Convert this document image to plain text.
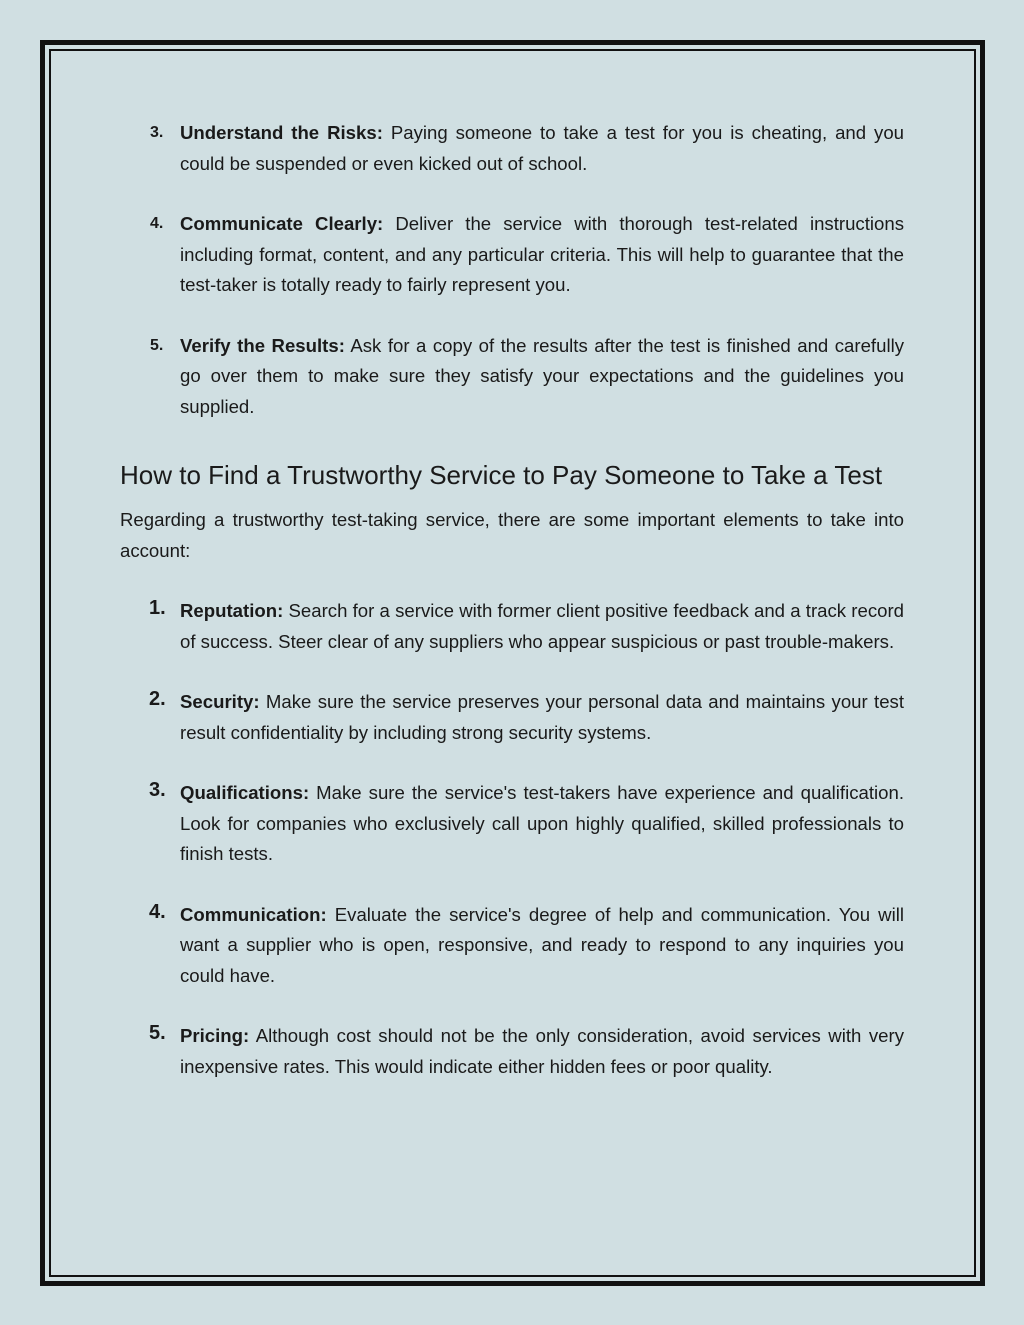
3. Understand the Risks: Paying someone to take a test for you is cheating, and you could be suspended or even kicked out of school.
4. Communicate Clearly: Deliver the service with thorough test-related instructions including format, content, and any particular criteria. This will help to guarantee that the test-taker is totally ready to fairly represent you.
5. Verify the Results: Ask for a copy of the results after the test is finished and carefully go over them to make sure they satisfy your expectations and the guidelines you supplied.
How to Find a Trustworthy Service to Pay Someone to Take a Test

Regarding a trustworthy test-taking service, there are some important elements to take into account:

1. Reputation: Search for a service with former client positive feedback and a track record of success. Steer clear of any suppliers who appear suspicious or past trouble-makers.
2. Security: Make sure the service preserves your personal data and maintains your test result confidentiality by including strong security systems.
3. Qualifications: Make sure the service's test-takers have experience and qualification. Look for companies who exclusively call upon highly qualified, skilled professionals to finish tests.
4. Communication: Evaluate the service's degree of help and communication. You will want a supplier who is open, responsive, and ready to respond to any inquiries you could have.
5. Pricing: Although cost should not be the only consideration, avoid services with very inexpensive rates. This would indicate either hidden fees or poor quality.
